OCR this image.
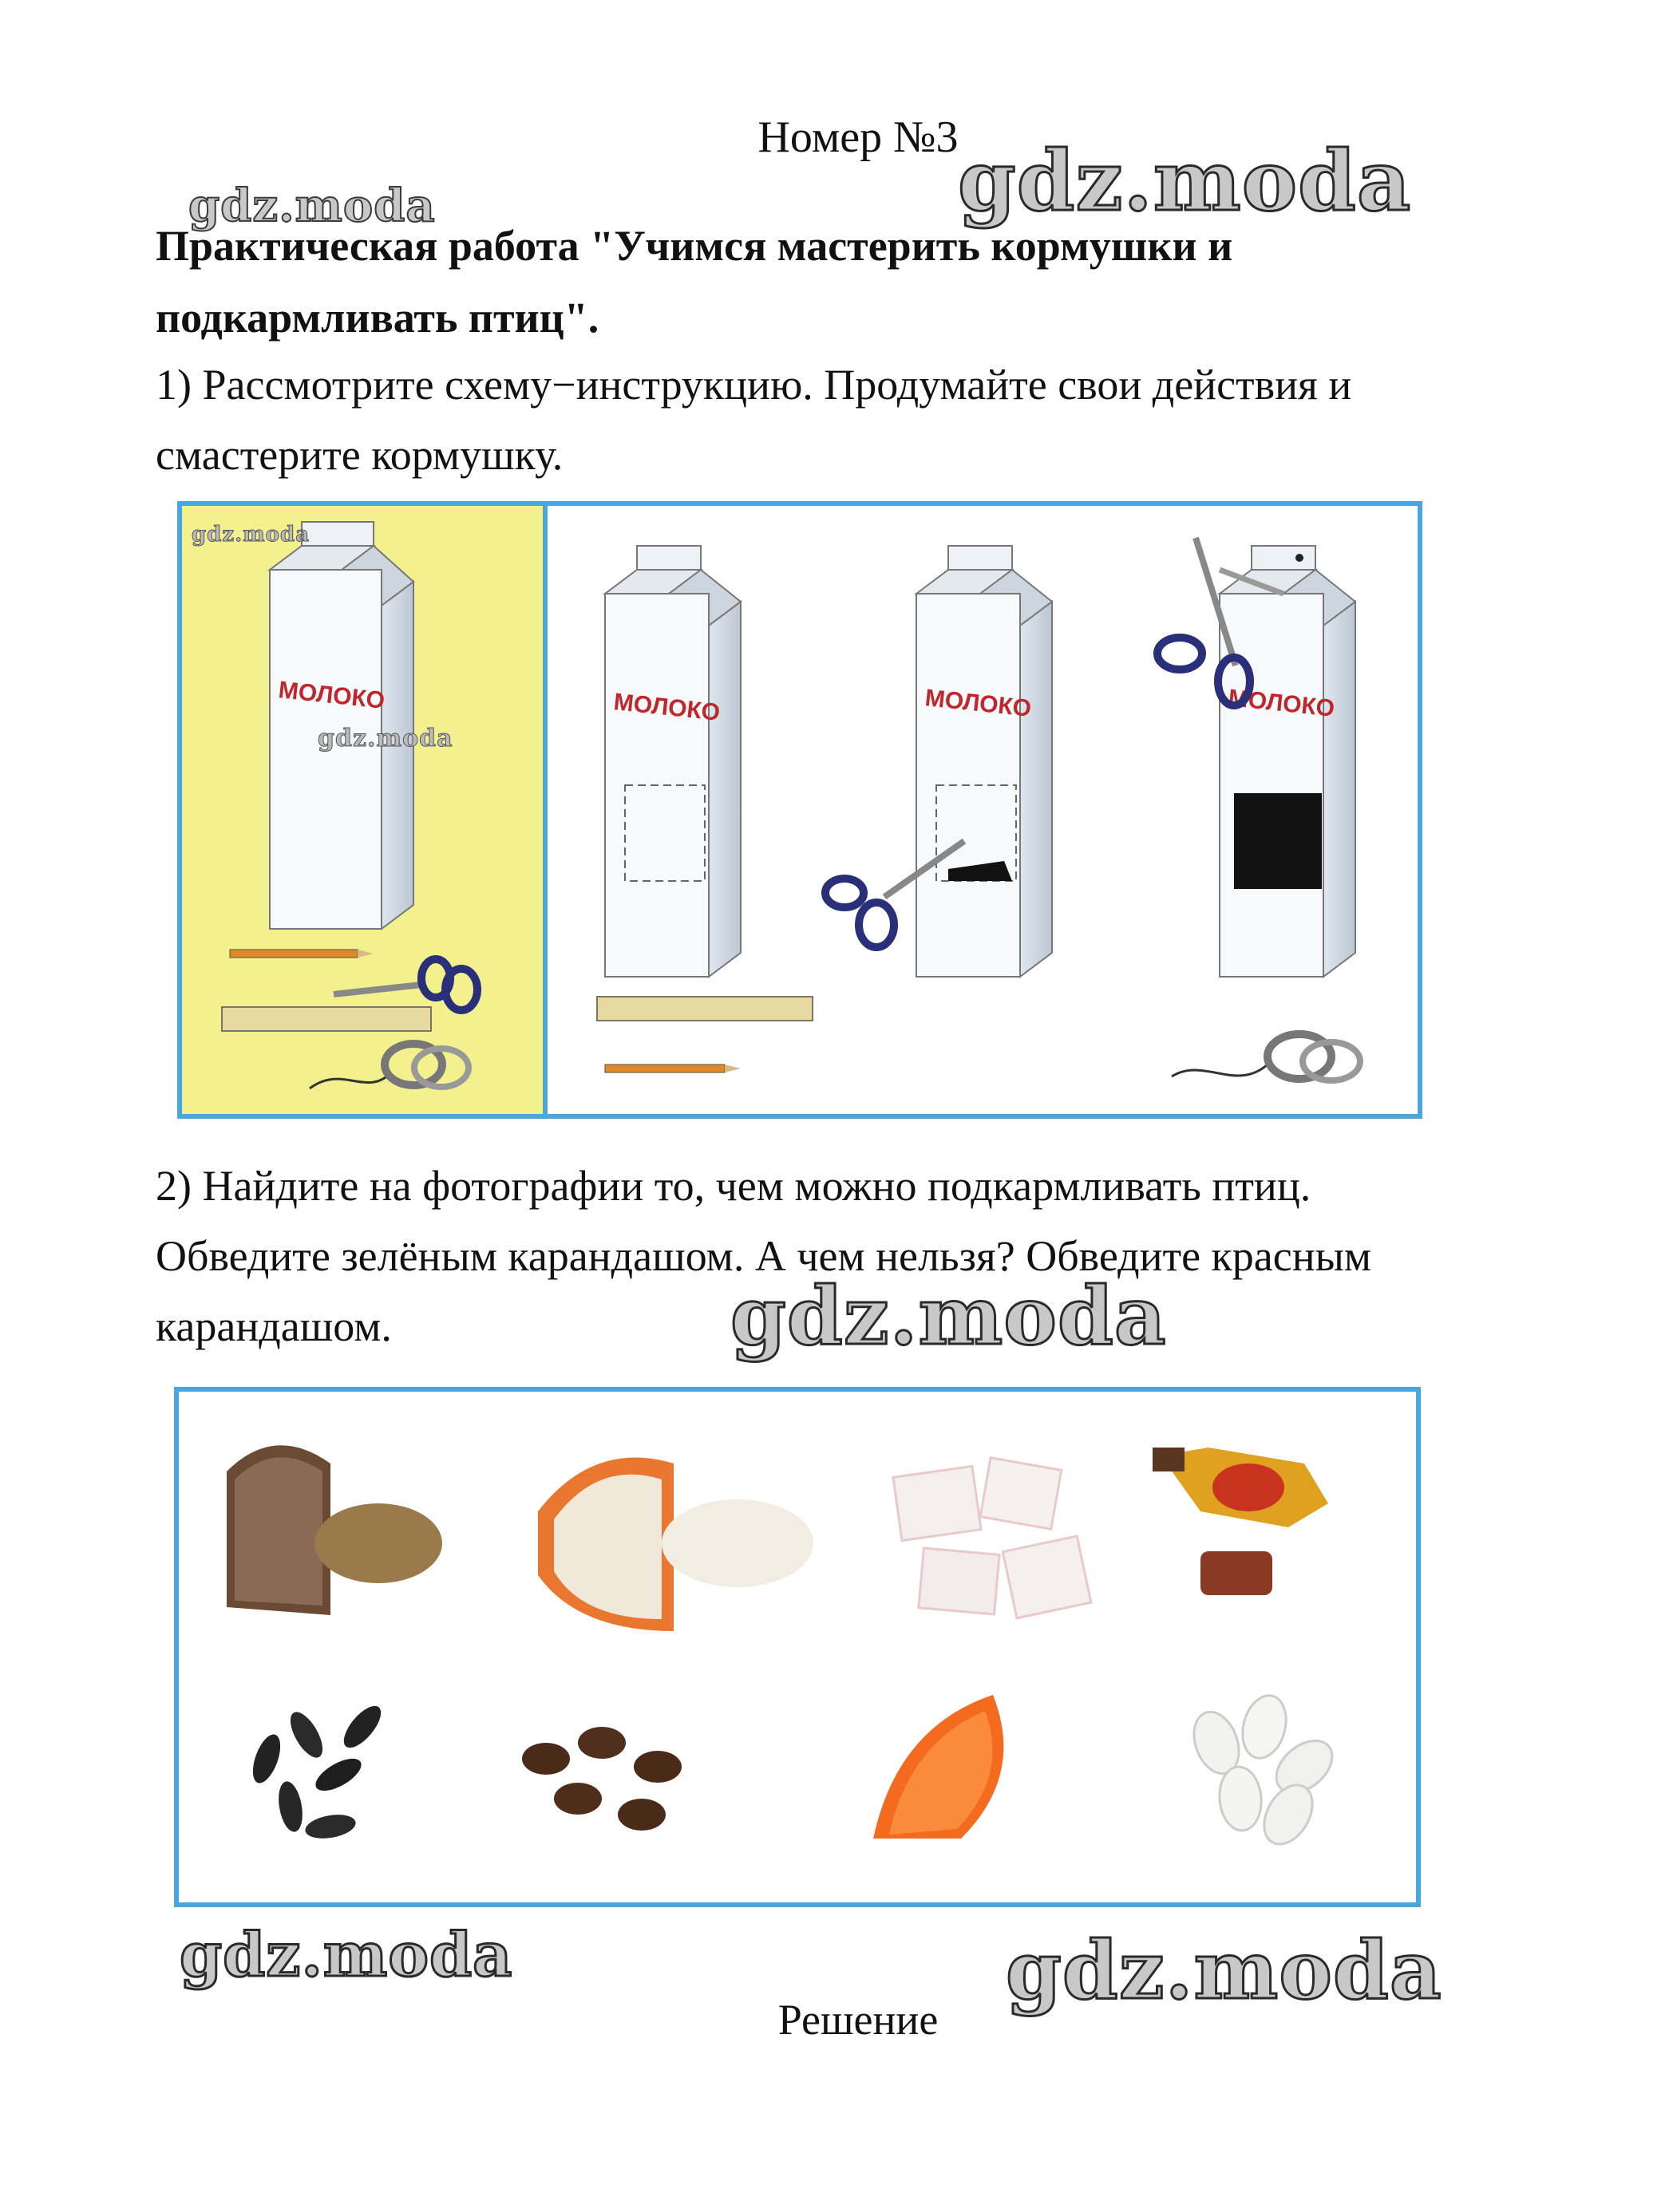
Номер №3 gdz.moda
gdz.moda
Практическая работа "Учимся мастерить кормушки и
подкармливать птиц".
1) Рассмотрите схему−инструкцию. Продумайте свои действия и
смастерите кормушку.
МОЛОКО	МОЛОКО	МОЛОКО	МОЛОКО
gdz.moda
gdz.moda
2) Найдите на фотографии то, чем можно подкармливать птиц.
Обведите зелёным карандашом. А чем нельзя? Обведите красным
карандашом.	gdz.moda
gdz.moda	gdz.moda
Решение
